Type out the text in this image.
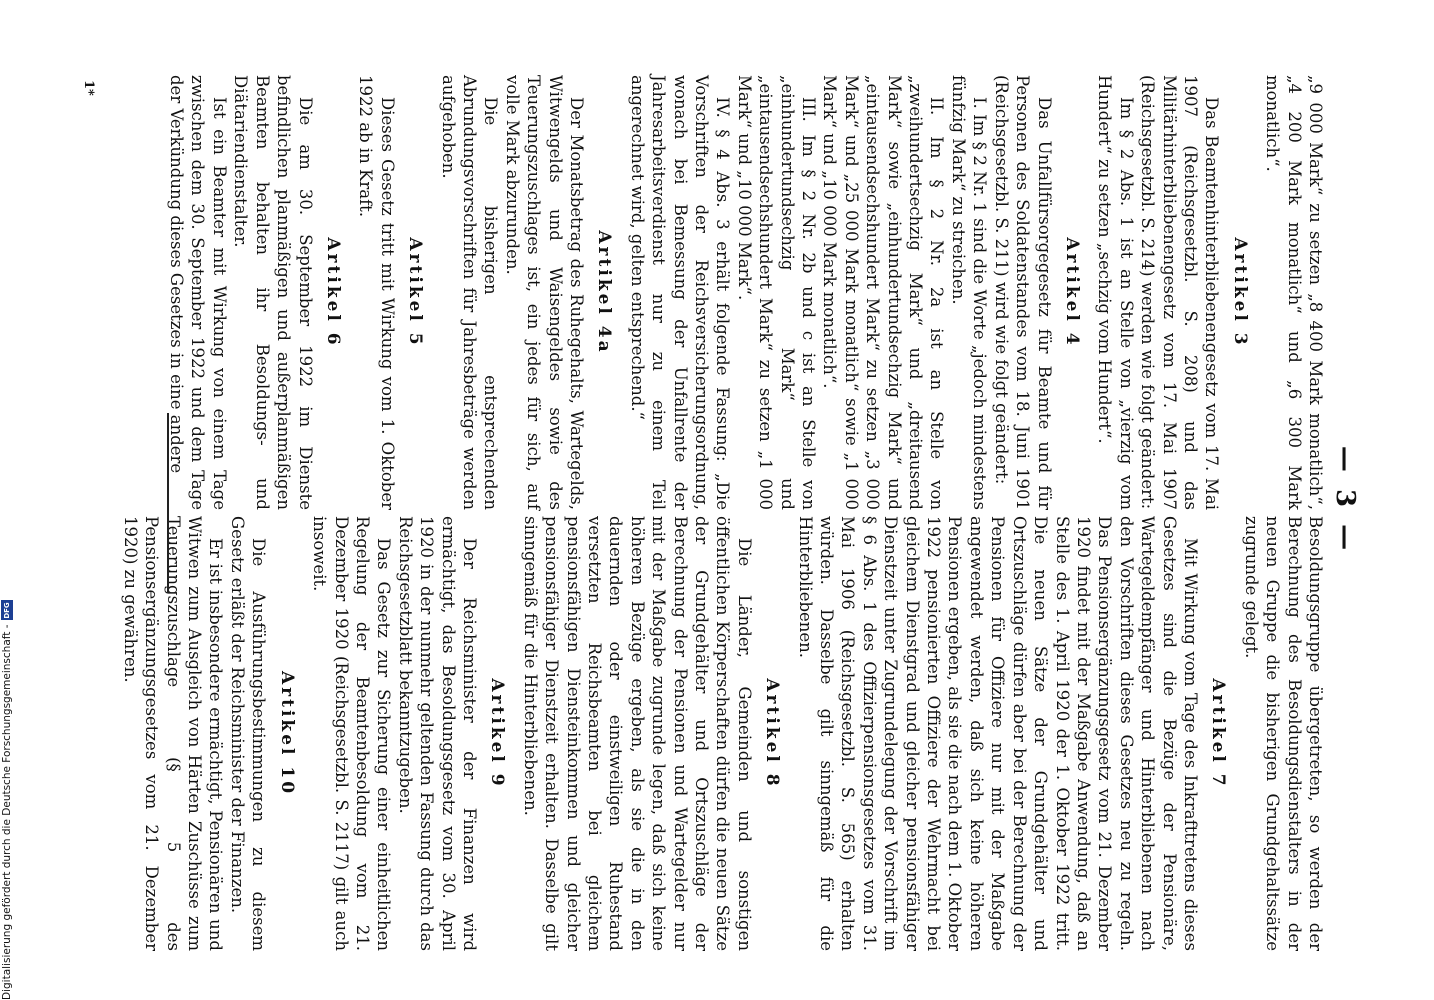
— 3 —

„9 000 Mark“ zu setzen „8 400 Mark monatlich“, „4 200 Mark monatlich“ und „6 300 Mark monatlich“.

Artikel 3

Das Beamtenhinterbliebenengesetz vom 17. Mai 1907 (Reichsgesetzbl. S. 208) und das Militärhinterbliebenengesetz vom 17. Mai 1907 (Reichsgesetzbl. S. 214) werden wie folgt geändert:

Im § 2 Abs. 1 ist an Stelle von „vierzig vom Hundert“ zu setzen „sechzig vom Hundert“.

Artikel 4

Das Unfallfürsorgegesetz für Beamte und für Personen des Soldatenstandes vom 18. Juni 1901 (Reichsgesetzbl. S. 211) wird wie folgt geändert:

I. Im § 2 Nr. 1 sind die Worte „jedoch mindestens fünfzig Mark“ zu streichen.

II. Im § 2 Nr. 2a ist an Stelle von „zweihundertsechzig Mark“ und „dreitausend Mark“ sowie „einhundertundsechzig Mark“ und „eintausendsechshundert Mark“ zu setzen „3 000 Mark“ und „25 000 Mark monatlich“ sowie „1 000 Mark“ und „10 000 Mark monatlich“.

III. Im § 2 Nr. 2b und c ist an Stelle von „einhundertundsechzig Mark“ und „eintausendsechshundert Mark“ zu setzen „1 000 Mark“ und „10 000 Mark“.

IV. § 4 Abs. 3 erhält folgende Fassung: „Die Vorschriften der Reichsversicherungsordnung, wonach bei Bemessung der Unfallrente der Jahresarbeitsverdienst nur zu einem Teil angerechnet wird, gelten entsprechend.“

Artikel 4a

Der Monatsbetrag des Ruhegehalts, Wartegelds, Witwengelds und Waisengeldes sowie des Teuerungszuschlages ist, ein jedes für sich, auf volle Mark abzurunden.

Die bisherigen entsprechenden Abrundungsvorschriften für Jahresbeträge werden aufgehoben.

Artikel 5

Dieses Gesetz tritt mit Wirkung vom 1. Oktober 1922 ab in Kraft.

Artikel 6

Die am 30. September 1922 im Dienste befindlichen planmäßigen und außerplanmäßigen Beamten behalten ihr Besoldungs- und Diätariendienstalter.

Ist ein Beamter mit Wirkung von einem Tage zwischen dem 30. September 1922 und dem Tage der Verkündung dieses Gesetzes in eine andere

Besoldungsgruppe übergetreten, so werden der Berechnung des Besoldungsdienstalters in der neuen Gruppe die bisherigen Grundgehaltssätze zugrunde gelegt.

Artikel 7

Mit Wirkung vom Tage des Inkrafttretens dieses Gesetzes sind die Bezüge der Pensionäre, Wartegeldempfänger und Hinterbliebenen nach den Vorschriften dieses Gesetzes neu zu regeln. Das Pensionsergänzungsgesetz vom 21. Dezember 1920 findet mit der Maßgabe Anwendung, daß an Stelle des 1. April 1920 der 1. Oktober 1922 tritt. Die neuen Sätze der Grundgehälter und Ortszuschläge dürfen aber bei der Berechnung der Pensionen für Offiziere nur mit der Maßgabe angewendet werden, daß sich keine höheren Pensionen ergeben, als sie die nach dem 1. Oktober 1922 pensionierten Offiziere der Wehrmacht bei gleichem Dienstgrad und gleicher pensionsfähiger Dienstzeit unter Zugrundelegung der Vorschrift im § 6 Abs. 1 des Offizierpensionsgesetzes vom 31. Mai 1906 (Reichsgesetzbl. S. 565) erhalten würden. Dasselbe gilt sinngemäß für die Hinterbliebenen.

Artikel 8

Die Länder, Gemeinden und sonstigen öffentlichen Körperschaften dürfen die neuen Sätze der Grundgehälter und Ortszuschläge der Berechnung der Pensionen und Wartegelder nur mit der Maßgabe zugrunde legen, daß sich keine höheren Bezüge ergeben, als sie die in den dauernden oder einstweiligen Ruhestand versetzten Reichsbeamten bei gleichem pensionsfähigen Diensteinkommen und gleicher pensionsfähiger Dienstzeit erhalten. Dasselbe gilt sinngemäß für die Hinterbliebenen.

Artikel 9

Der Reichsminister der Finanzen wird ermächtigt, das Besoldungsgesetz vom 30. April 1920 in der nunmehr geltenden Fassung durch das Reichsgesetzblatt bekanntzugeben.

Das Gesetz zur Sicherung einer einheitlichen Regelung der Beamtenbesoldung vom 21. Dezember 1920 (Reichsgesetzbl. S. 2117) gilt auch insoweit.

Artikel 10

Die Ausführungsbestimmungen zu diesem Gesetz erläßt der Reichsminister der Finanzen.

Er ist insbesondere ermächtigt, Pensionären und Witwen zum Ausgleich von Härten Zuschüsse zum Teuerungszuschlage (§ 5 des Pensionsergänzungsgesetzes vom 21. Dezember 1920) zu gewähren.

1*
Digitalisierung gefördert durch die Deutsche Forschungsgemeinschaft -DFG
